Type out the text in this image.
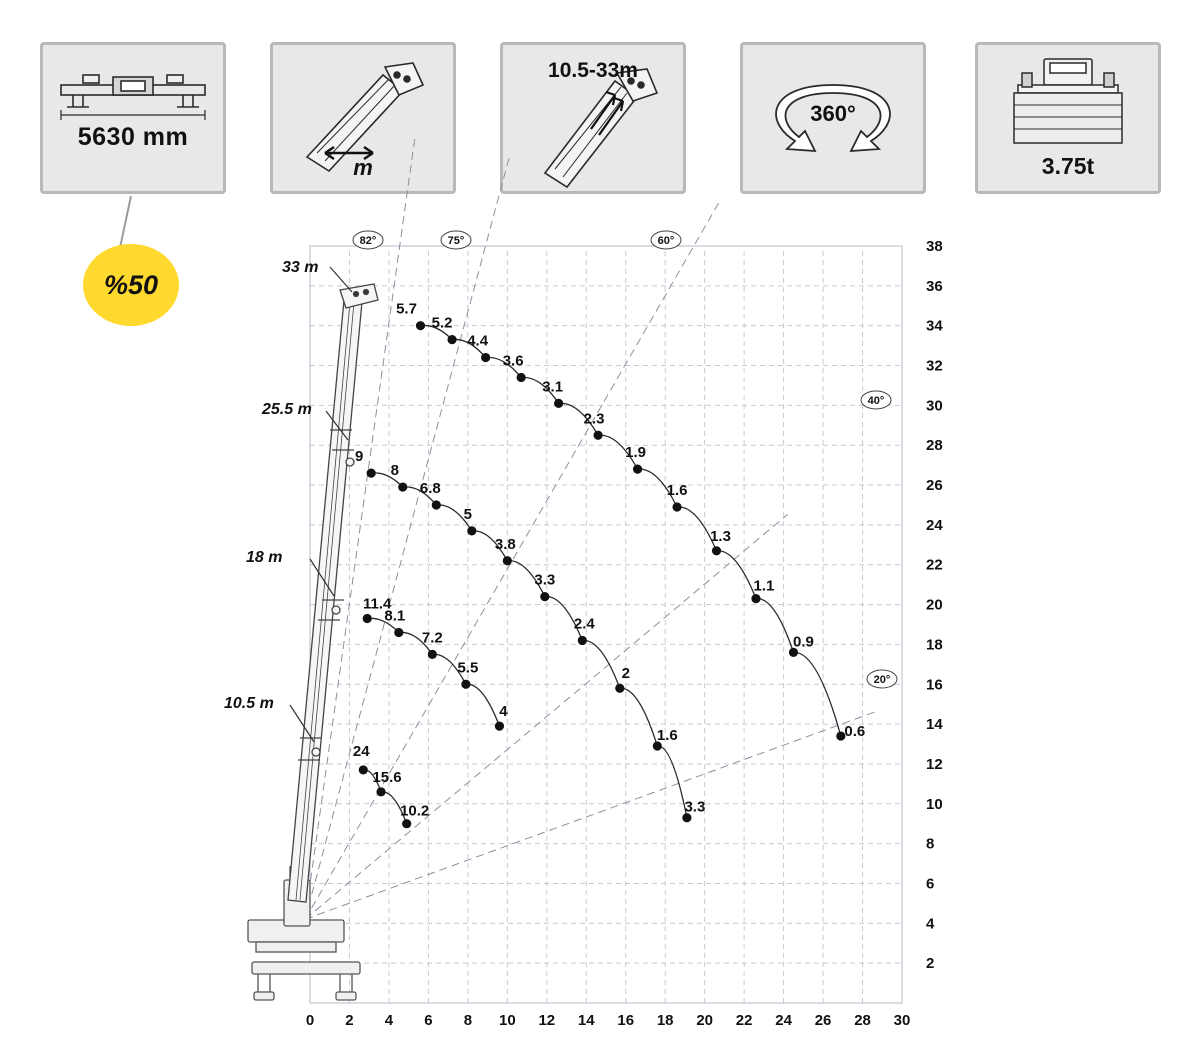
5630 mm
m
10.5-33m
360°
3.75t
%50
82°	75°	60°
40°
20°
5.7
5.2
4.4
3.6
3.1
2.3
1.9
1.6
1.3
1.1
0.9
0.6
9
8
6.8
5
3.8
3.3
2.4
2
1.6
3.3
11.4
8.1
7.2
5.5
4
24
15.6
10.2
0 2 4 6 8 10 12 14 16 18 20 22 24 26 28 30
2
4
6
8
10
12
14
16
18
20
22
24
26
28
30
32
34
36
38
33 m
25.5 m
18 m
10.5 m
